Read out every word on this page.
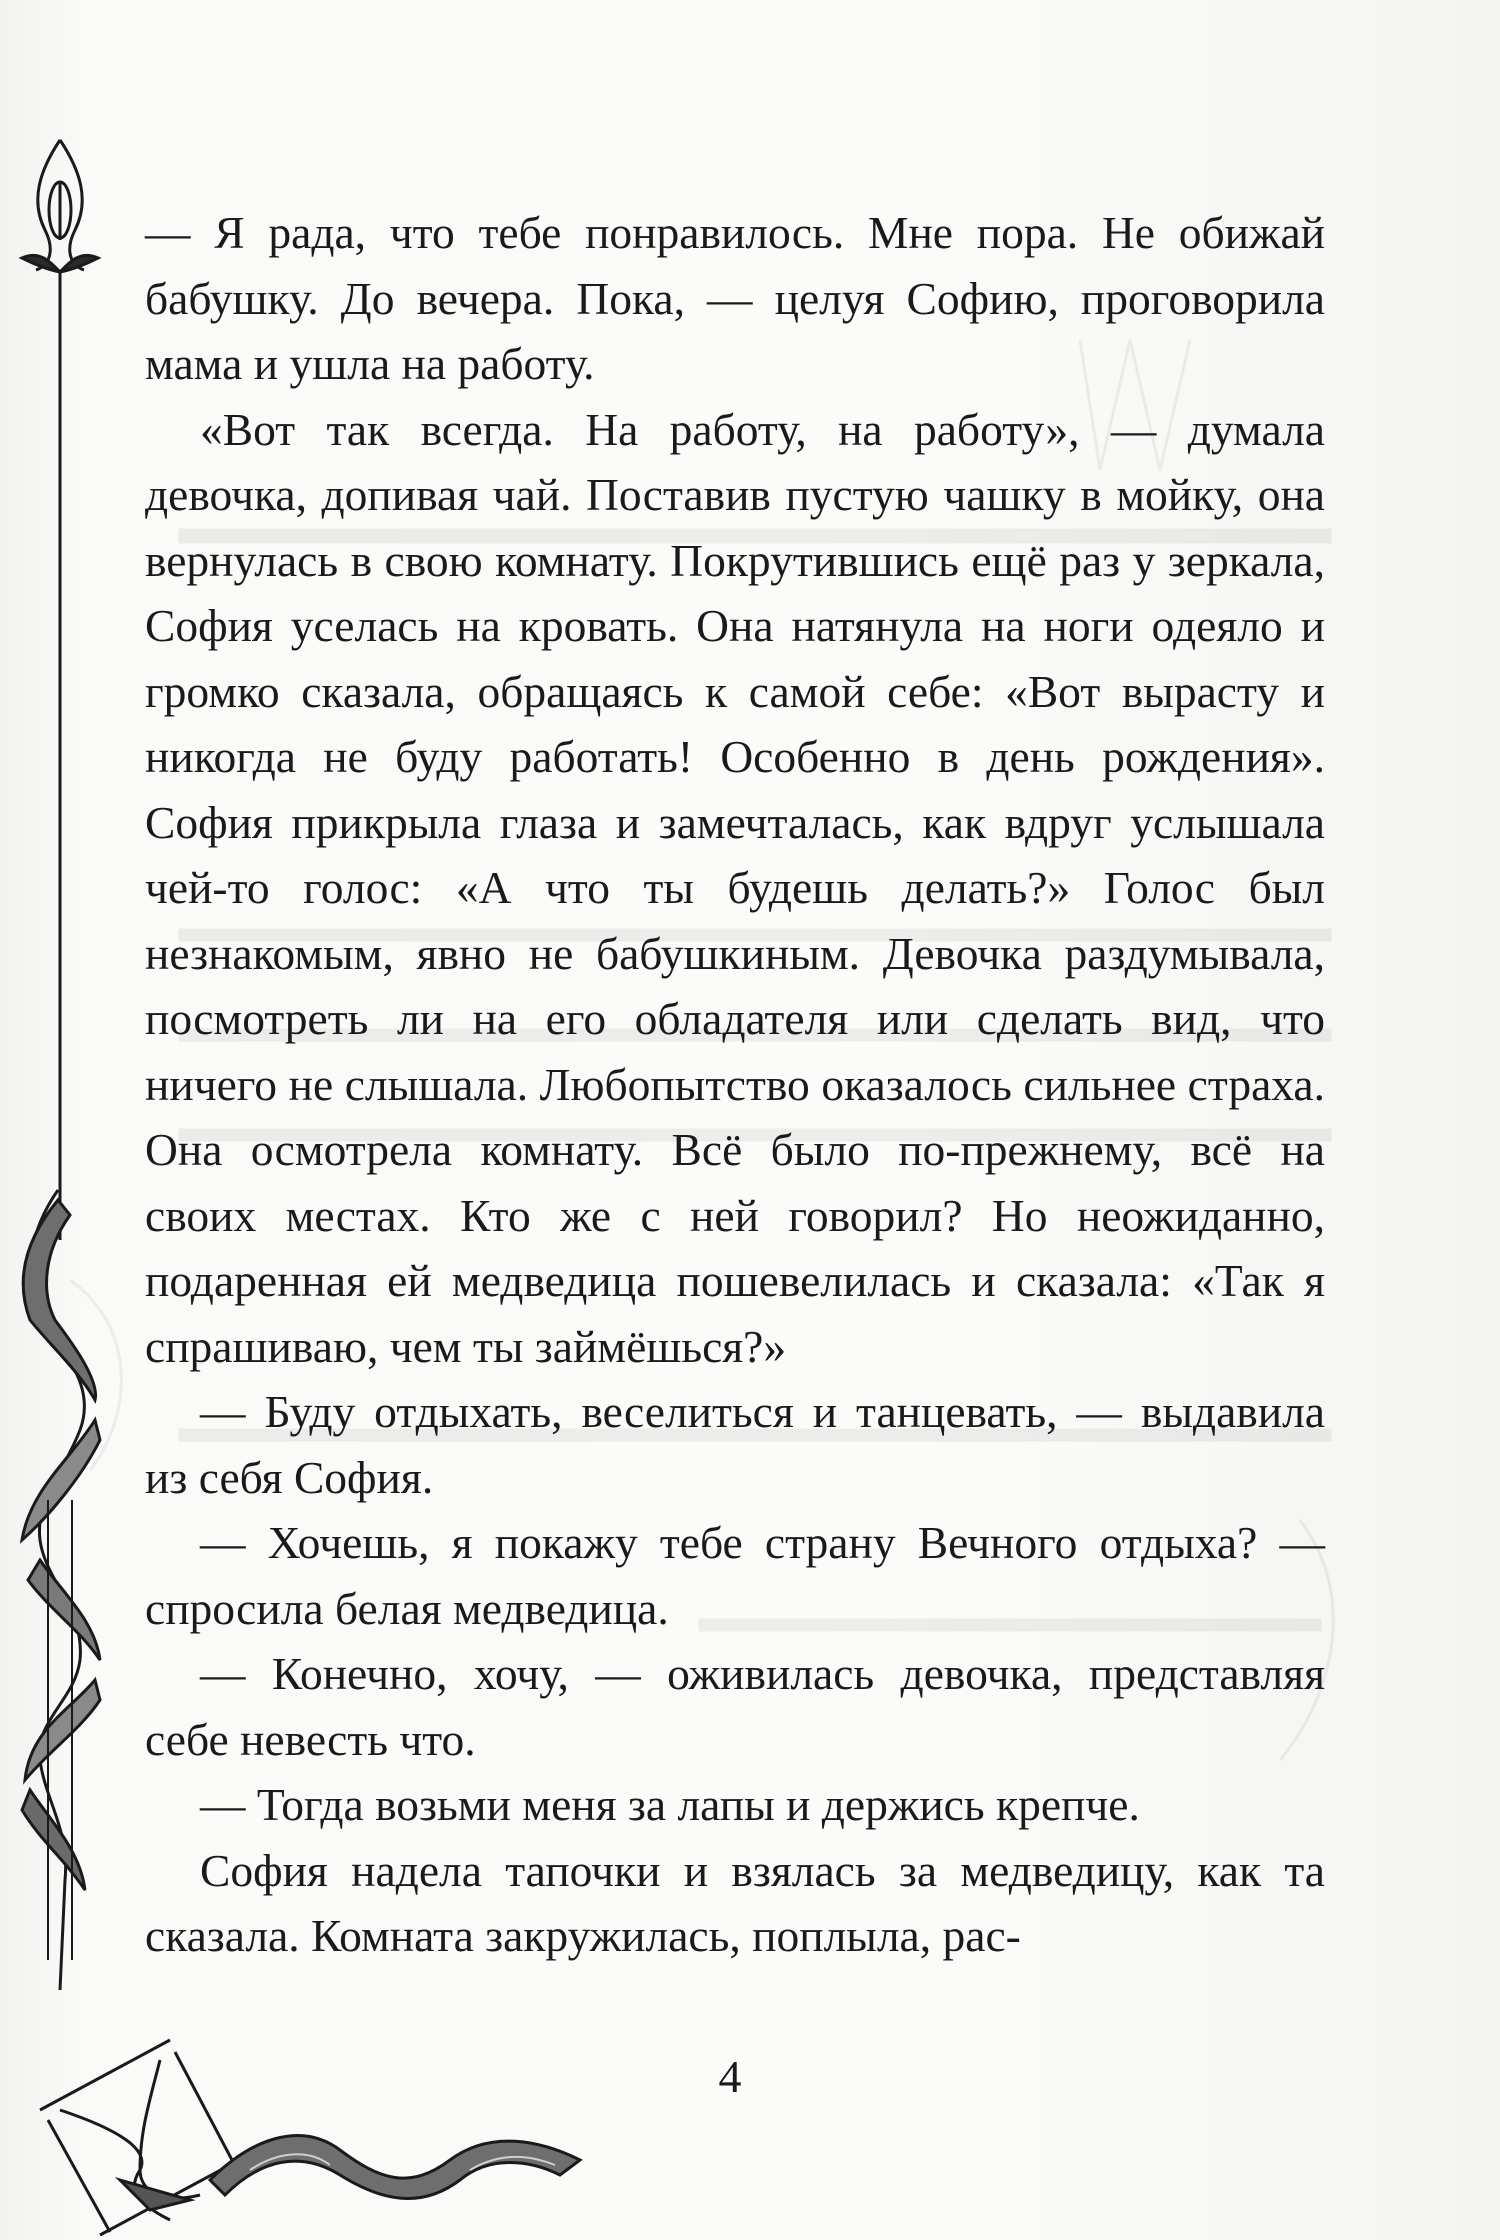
— Я рада, что тебе понравилось. Мне пора. Не обижай бабушку. До вечера. Пока, — целуя Софию, проговорила мама и ушла на работу.

«Вот так всегда. На работу, на работу», — думала девочка, допивая чай. Поставив пустую чашку в мойку, она вернулась в свою комнату. Покрутившись ещё раз у зеркала, София уселась на кровать. Она натянула на ноги одеяло и громко сказала, обращаясь к самой себе: «Вот вырасту и никогда не буду работать! Особенно в день рождения». София прикрыла глаза и замечталась, как вдруг услышала чей-то голос: «А что ты будешь делать?» Голос был незнакомым, явно не бабушкиным. Девочка раздумывала, посмотреть ли на его обладателя или сделать вид, что ничего не слышала. Любопытство оказалось сильнее страха. Она осмотрела комнату. Всё было по-прежнему, всё на своих местах. Кто же с ней говорил? Но неожиданно, подаренная ей медведица пошевелилась и сказала: «Так я спрашиваю, чем ты займёшься?»

— Буду отдыхать, веселиться и танцевать, — выдавила из себя София.

— Хочешь, я покажу тебе страну Вечного отдыха? — спросила белая медведица.

— Конечно, хочу, — оживилась девочка, представляя себе невесть что.

— Тогда возьми меня за лапы и держись крепче.

София надела тапочки и взялась за медведицу, как та сказала. Комната закружилась, поплыла, рас-

4
